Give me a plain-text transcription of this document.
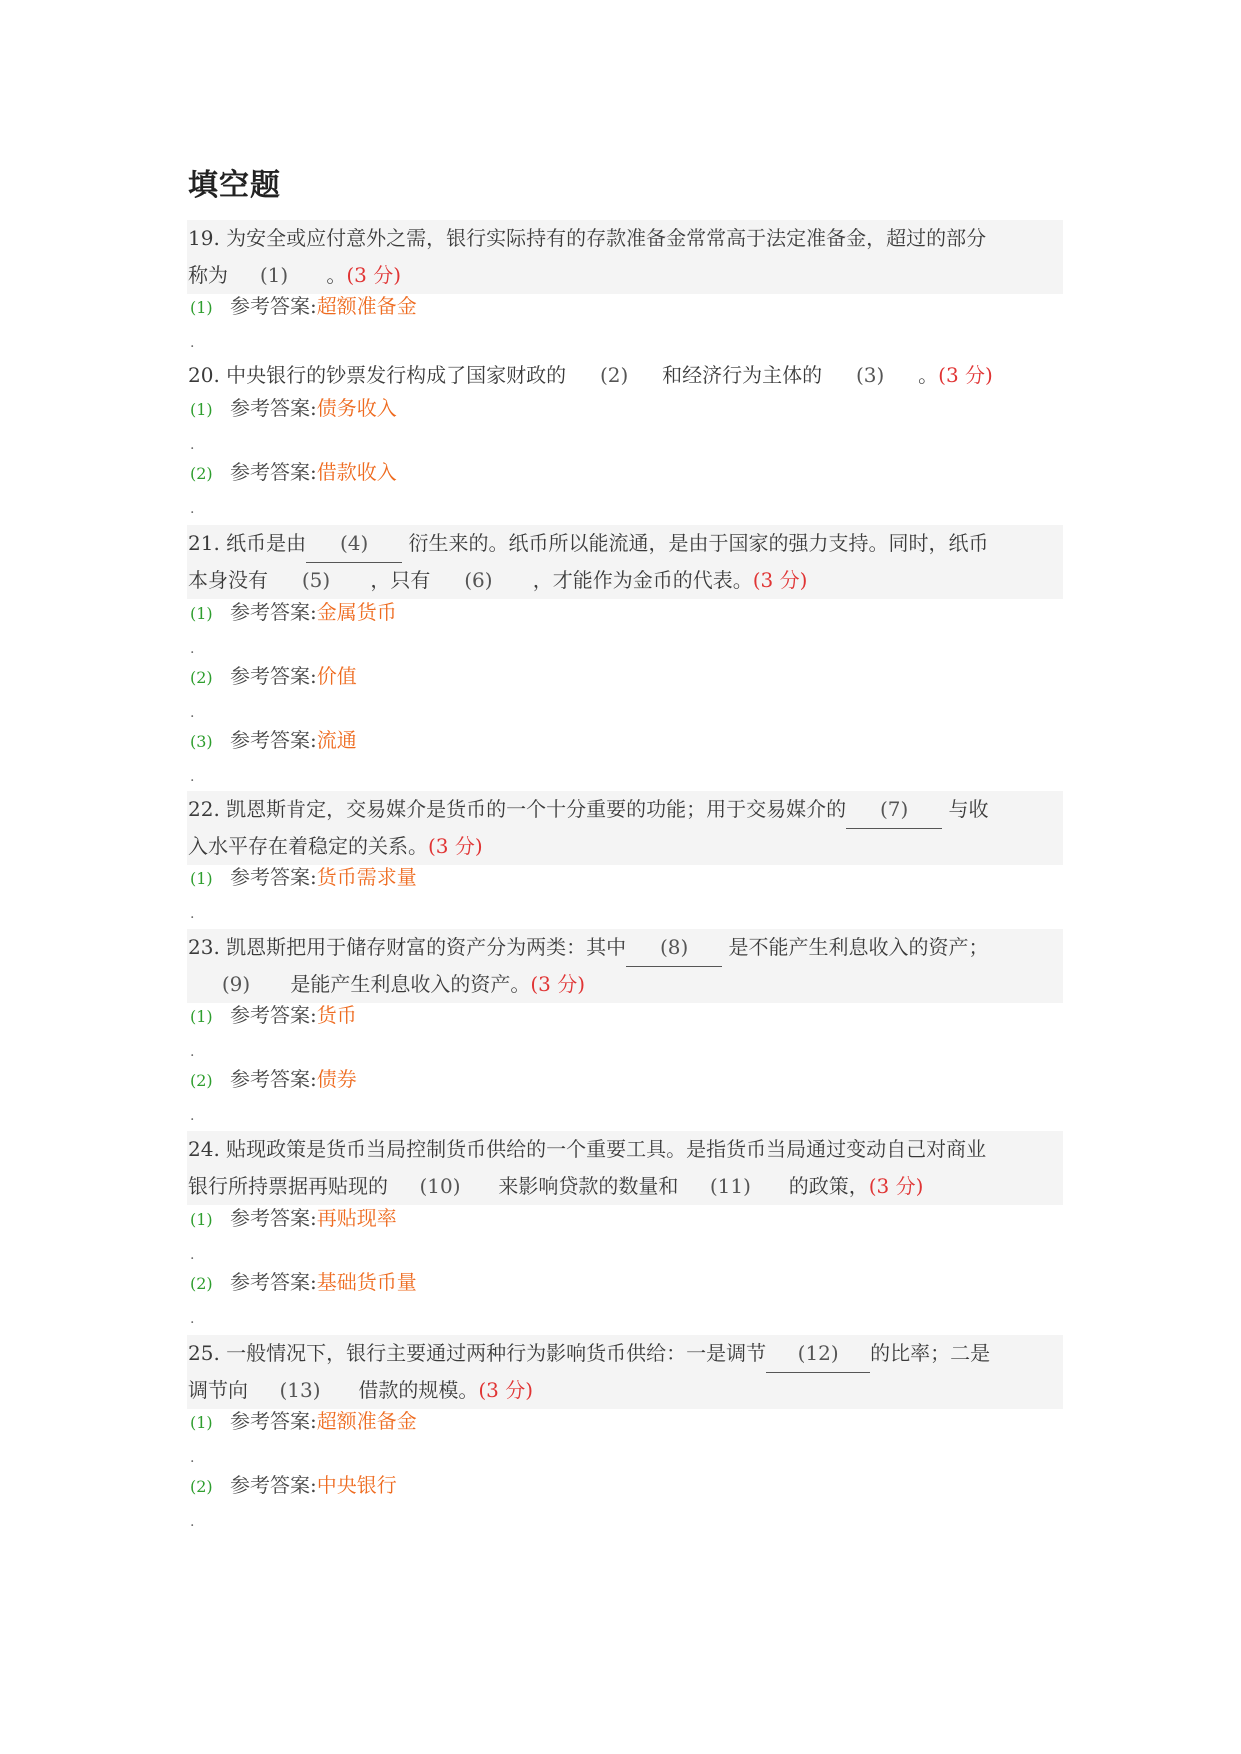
填空题
19. 为安全或应付意外之需，银行实际持有的存款准备金常常高于法定准备金，超过的部分
称为 (1) 。(3 分)
(1) 参考答案:超额准备金
.
20. 中央银行的钞票发行构成了国家财政的 (2) 和经济行为主体的 (3) 。(3 分)
(1) 参考答案:债务收入
.
(2) 参考答案:借款收入
.
21. 纸币是由 (4) 衍生来的。纸币所以能流通，是由于国家的强力支持。同时，纸币
本身没有 (5) ，只有 (6) ，才能作为金币的代表。(3 分)
(1) 参考答案:金属货币
.
(2) 参考答案:价值
.
(3) 参考答案:流通
.
22. 凯恩斯肯定，交易媒介是货币的一个十分重要的功能；用于交易媒介的 (7) 与收
入水平存在着稳定的关系。(3 分)
(1) 参考答案:货币需求量
.
23. 凯恩斯把用于储存财富的资产分为两类：其中 (8) 是不能产生利息收入的资产；
(9) 是能产生利息收入的资产。(3 分)
(1) 参考答案:货币
.
(2) 参考答案:债券
.
24. 贴现政策是货币当局控制货币供给的一个重要工具。是指货币当局通过变动自己对商业
银行所持票据再贴现的 (10) 来影响贷款的数量和 (11) 的政策，(3 分)
(1) 参考答案:再贴现率
.
(2) 参考答案:基础货币量
.
25. 一般情况下，银行主要通过两种行为影响货币供给：一是调节 (12) 的比率；二是
调节向 (13) 借款的规模。(3 分)
(1) 参考答案:超额准备金
.
(2) 参考答案:中央银行
.
